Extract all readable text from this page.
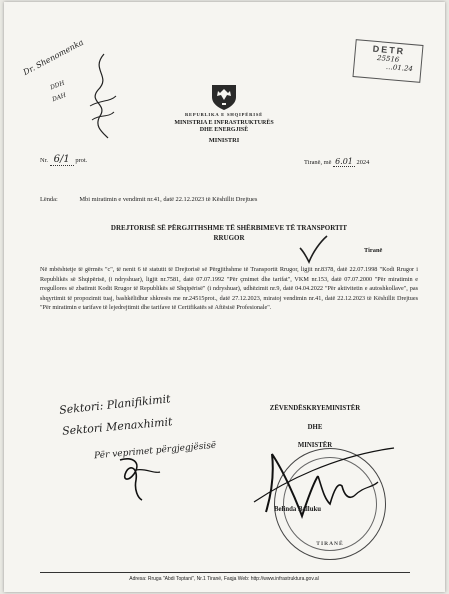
Dr. Shenomenka
DDH
DAH
DETR
25516
…01.24
REPUBLIKA E SHQIPËRISË
MINISTRIA E INFRASTRUKTURËS
DHE ENERGJISË
MINISTRI
Nr. 6/1 prot.	Tiranë, më 6.01 2024
Lënda:	Mbi miratimin e vendimit nr.41, datë 22.12.2023 të Këshillit Drejtues
DREJTORISË SË PËRGJITHSHME TË SHËRBIMEVE TË TRANSPORTIT
RRUGOR
Tiranë
Në mbështetje të gërmës "c", të nenit 6 të statutit të Drejtorisë së Përgjithshme të Transportit Rrugor, ligjit nr.8378, datë 22.07.1998 "Kodi Rrugor i Republikës së Shqipërisë, (i ndryshuar), ligjit nr.7581, datë 07.07.1992 "Për çmimet dhe tarifat", VKM nr.153, datë 07.07.2000 "Për miratimin e rregullores së zbatimit Kodit Rrugor të Republikës së Shqipërisë" (i ndryshuar), udhëzimit nr.9, datë 04.04.2022 "Për aktivitetin e autoshkollave", pas shqyrtimit të propozimit tuaj, bashkëlidhur shkresës me nr.24515prot., datë 27.12.2023, miratoj vendimin nr.41, datë 22.12.2023 të Këshillit Drejtues "Për miratimin e tarifave të lejedrejtimit dhe tarifave të Certifikatës së Aftësisë Profesionale".
ZËVENDËSKRYEMINISTËR
DHE
MINISTËR
TIRANË
Belinda Balluku
Sektori: Planifikimit
Sektori Menaxhimit
Për veprimet përgjegjësisë
Adresa: Rruga "Abdi Toptani", Nr.1 Tiranë, Faqja Web: http://www.infrastruktura.gov.al
